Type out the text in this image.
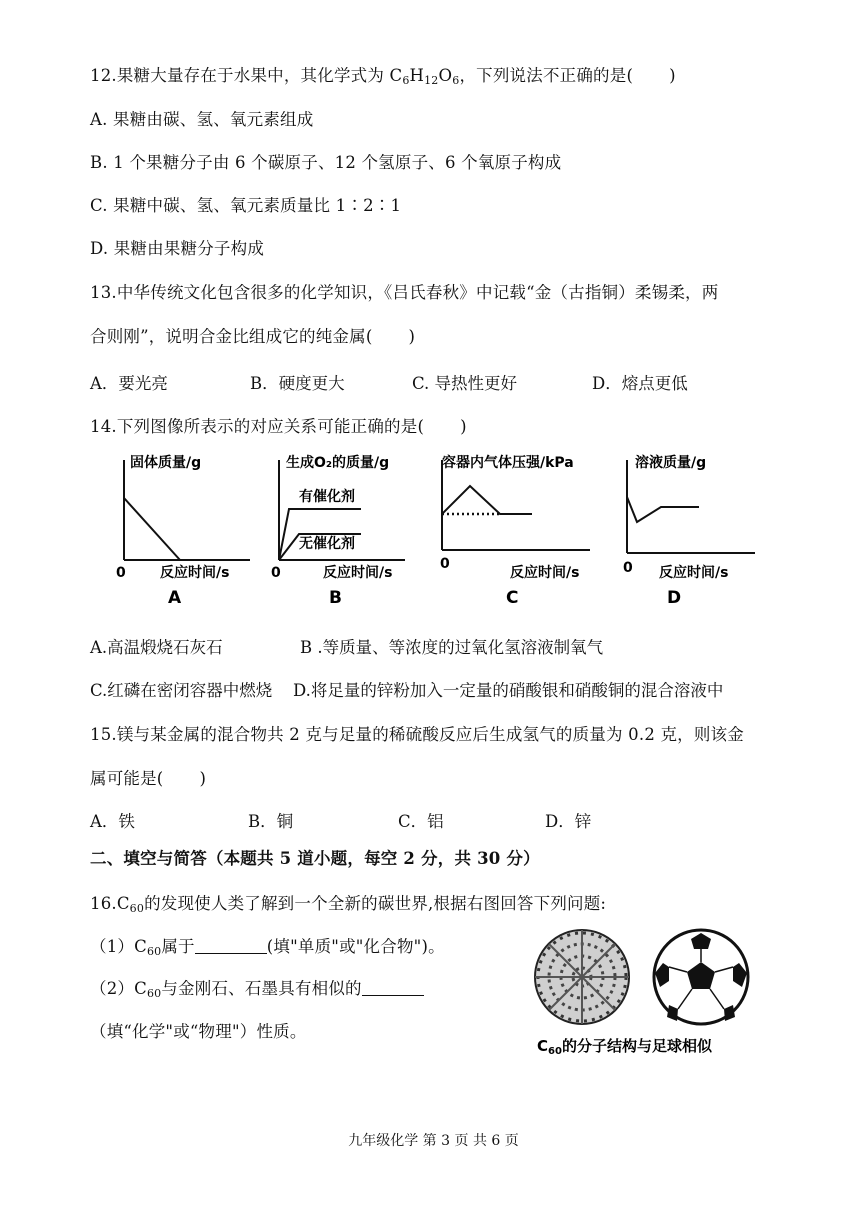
12.果糖大量存在于水果中，其化学式为 $C_6H_{12}O_6$，下列说法不正确的是( )
A. 果糖由碳、氢、氧元素组成
B. 1 个果糖分子由 6 个碳原子、12 个氢原子、6 个氧原子构成
C. 果糖中碳、氢、氧元素质量比 1∶2∶1
D. 果糖由果糖分子构成
13.中华传统文化包含很多的化学知识，《吕氏春秋》中记载“金（古指铜）柔锡柔，两
合则刚”，说明合金比组成它的纯金属( )
A．要光亮	B．硬度更大	C. 导热性更好	D．熔点更低
14.下列图像所表示的对应关系可能正确的是( )
固体质量/g
0 反应时间/s
A
生成O₂的质量/g
有催化剂
无催化剂
0	反应时间/s
B
容器内气体压强/kPa
0
反应时间/s
C
溶液质量/g
0 反应时间/s
D
A.高温煅烧石灰石	B .等质量、等浓度的过氧化氢溶液制氧气
C.红磷在密闭容器中燃烧 D.将足量的锌粉加入一定量的硝酸银和硝酸铜的混合溶液中
15.镁与某金属的混合物共 2 克与足量的稀硫酸反应后生成氢气的质量为 0.2 克，则该金
属可能是( )
A．铁	B．铜	C．铝	D．锌
二、填空与简答（本题共 5 道小题，每空 2 分，共 30 分）
$16.C_{60}$的发现使人类了解到一个全新的碳世界,根据右图回答下列问题:
$(1)C_{60}$属于	(填"单质"或"化合物")。
$(2)C_{60}$与金刚石、石墨具有相似的
（填“化学"或“物理"）性质。
$C_{60}$的分子结构与足球相似
九年级化学 第 3 页 共 6 页
